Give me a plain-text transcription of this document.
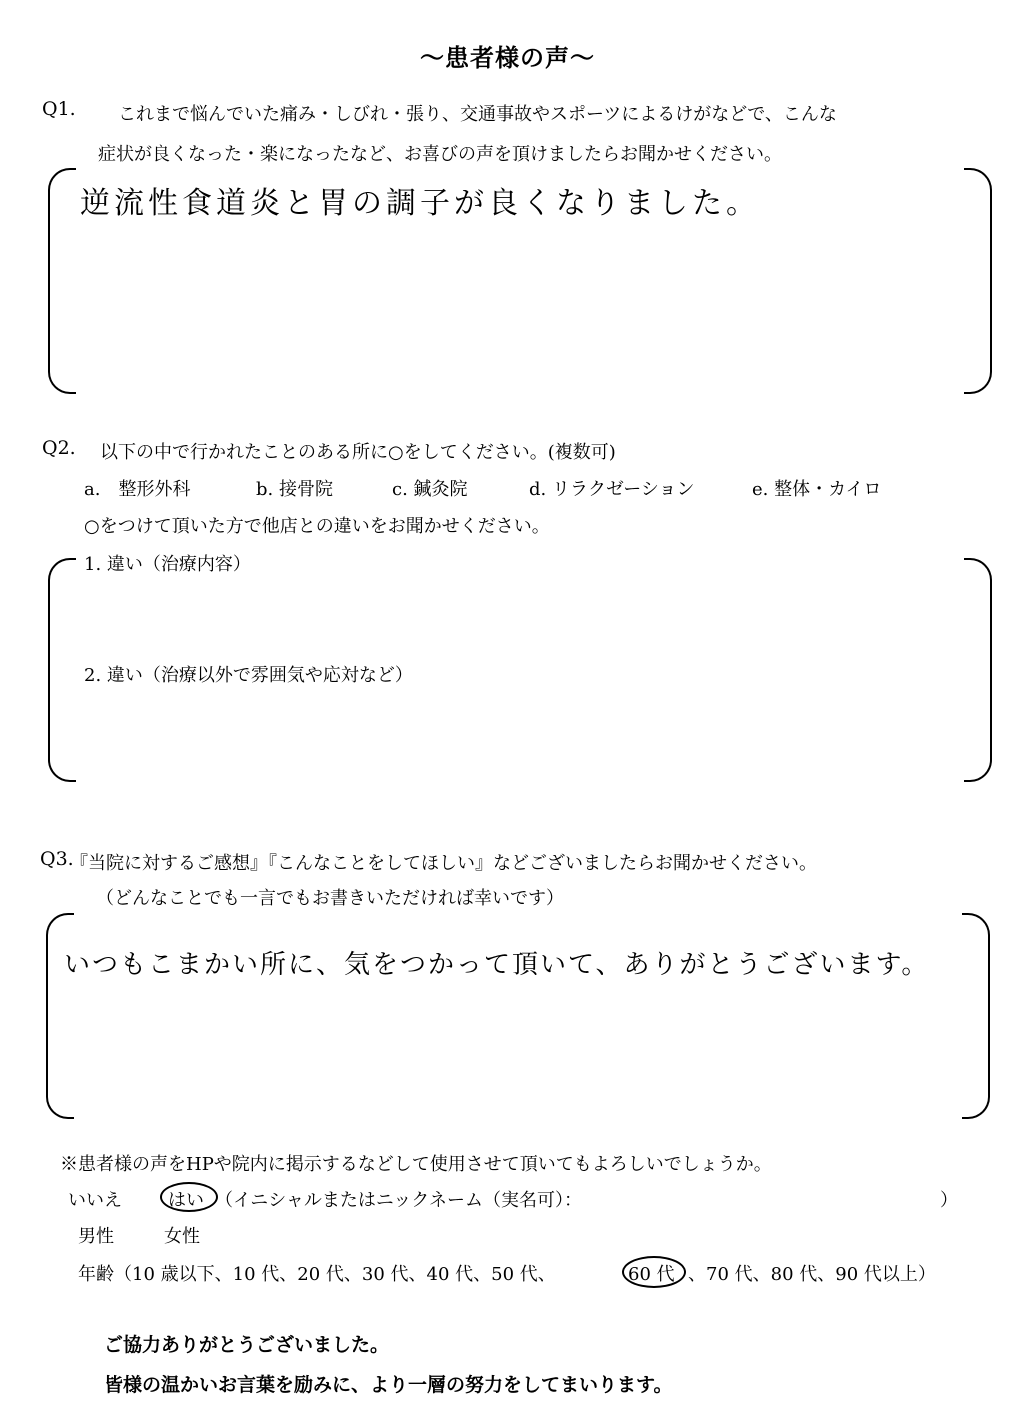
〜患者様の声〜
Q1. これまで悩んでいた痛み・しびれ・張り、交通事故やスポーツによるけがなどで、こんな
症状が良くなった・楽になったなど、お喜びの声を頂けましたらお聞かせください。
逆流性食道炎と胃の調子が良くなりました。
Q2. 以下の中で行かれたことのある所に○をしてください。(複数可)
a.　整形外科	b. 接骨院	c. 鍼灸院	d. リラクゼーション	e. 整体・カイロ
○をつけて頂いた方で他店との違いをお聞かせください。
1. 違い（治療内容）
2. 違い（治療以外で雰囲気や応対など）
Q3.
『当院に対するご感想』『こんなことをしてほしい』などございましたらお聞かせください。
（どんなことでも一言でもお書きいただければ幸いです）
いつもこまかい所に、気をつかって頂いて、ありがとうございます。
※患者様の声をHPや院内に掲示するなどして使用させて頂いてもよろしいでしょうか。
いいえ	はい （イニシャルまたはニックネーム（実名可）：	）
男性	女性
年齢（10 歳以下、10 代、20 代、30 代、40 代、50 代、	60 代 、70 代、80 代、90 代以上）
ご協力ありがとうございました。
皆様の温かいお言葉を励みに、より一層の努力をしてまいります。
